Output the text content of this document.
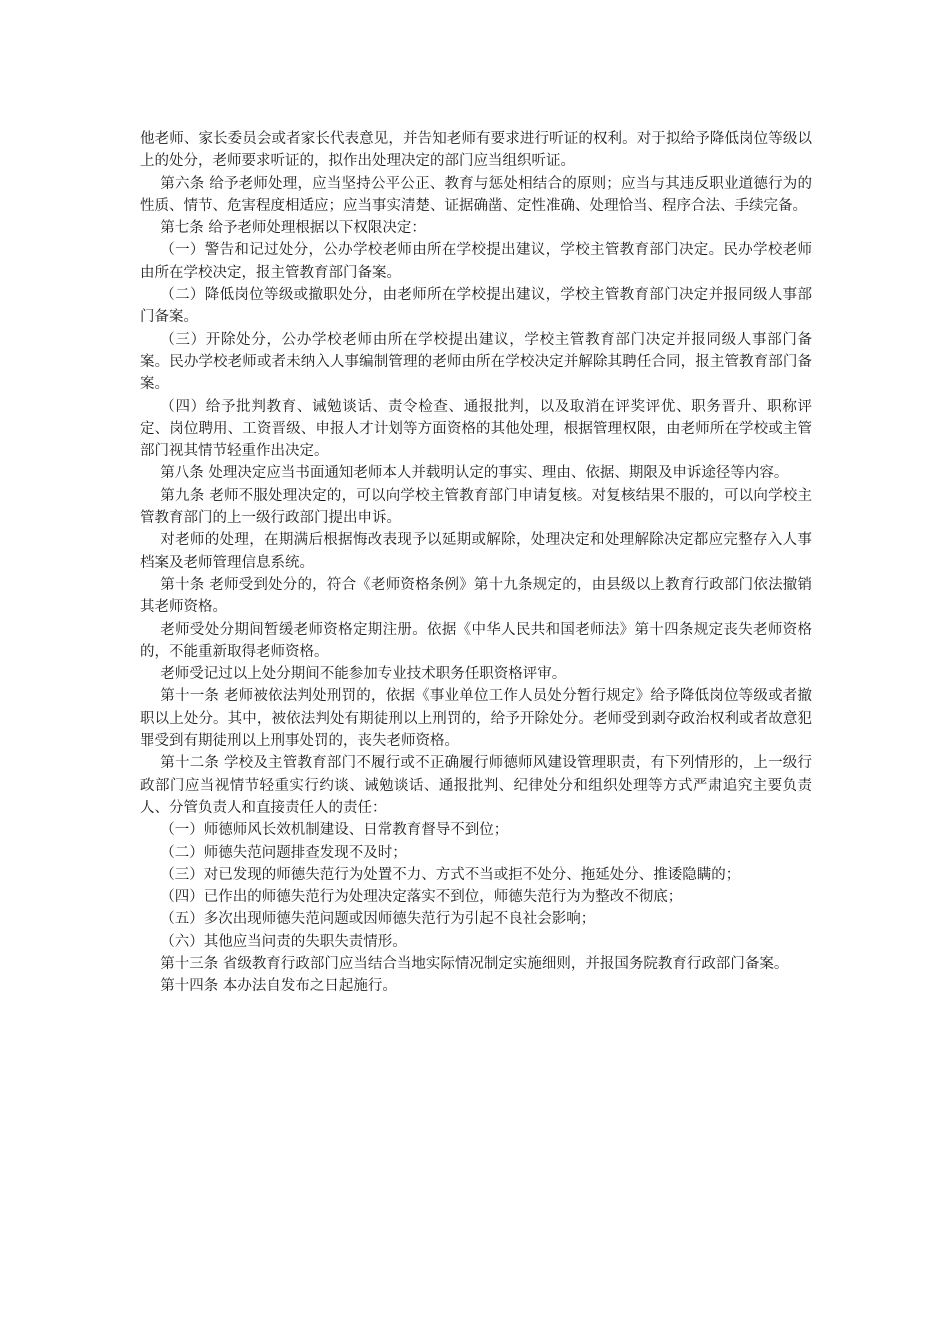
他老师、家长委员会或者家长代表意见，并告知老师有要求进行听证的权利。对于拟给予降低岗位等级以上的处分，老师要求听证的，拟作出处理决定的部门应当组织听证。

第六条 给予老师处理，应当坚持公平公正、教育与惩处相结合的原则；应当与其违反职业道德行为的性质、情节、危害程度相适应；应当事实清楚、证据确凿、定性准确、处理恰当、程序合法、手续完备。

第七条 给予老师处理根据以下权限决定：

（一）警告和记过处分，公办学校老师由所在学校提出建议，学校主管教育部门决定。民办学校老师由所在学校决定，报主管教育部门备案。

（二）降低岗位等级或撤职处分，由老师所在学校提出建议，学校主管教育部门决定并报同级人事部门备案。

（三）开除处分，公办学校老师由所在学校提出建议，学校主管教育部门决定并报同级人事部门备案。民办学校老师或者未纳入人事编制管理的老师由所在学校决定并解除其聘任合同，报主管教育部门备案。

（四）给予批判教育、诫勉谈话、责令检查、通报批判，以及取消在评奖评优、职务晋升、职称评定、岗位聘用、工资晋级、申报人才计划等方面资格的其他处理，根据管理权限，由老师所在学校或主管部门视其情节轻重作出决定。

第八条 处理决定应当书面通知老师本人并载明认定的事实、理由、依据、期限及申诉途径等内容。

第九条 老师不服处理决定的，可以向学校主管教育部门申请复核。对复核结果不服的，可以向学校主管教育部门的上一级行政部门提出申诉。

对老师的处理，在期满后根据悔改表现予以延期或解除，处理决定和处理解除决定都应完整存入人事档案及老师管理信息系统。

第十条 老师受到处分的，符合《老师资格条例》第十九条规定的，由县级以上教育行政部门依法撤销其老师资格。

老师受处分期间暂缓老师资格定期注册。依据《中华人民共和国老师法》第十四条规定丧失老师资格的，不能重新取得老师资格。

老师受记过以上处分期间不能参加专业技术职务任职资格评审。

第十一条 老师被依法判处刑罚的，依据《事业单位工作人员处分暂行规定》给予降低岗位等级或者撤职以上处分。其中，被依法判处有期徒刑以上刑罚的，给予开除处分。老师受到剥夺政治权利或者故意犯罪受到有期徒刑以上刑事处罚的，丧失老师资格。

第十二条 学校及主管教育部门不履行或不正确履行师德师风建设管理职责，有下列情形的，上一级行政部门应当视情节轻重实行约谈、诫勉谈话、通报批判、纪律处分和组织处理等方式严肃追究主要负责人、分管负责人和直接责任人的责任：

（一）师德师风长效机制建设、日常教育督导不到位；

（二）师德失范问题排查发现不及时；

（三）对已发现的师德失范行为处置不力、方式不当或拒不处分、拖延处分、推诿隐瞒的；

（四）已作出的师德失范行为处理决定落实不到位，师德失范行为为整改不彻底；

（五）多次出现师德失范问题或因师德失范行为引起不良社会影响；

（六）其他应当问责的失职失责情形。

第十三条 省级教育行政部门应当结合当地实际情况制定实施细则，并报国务院教育行政部门备案。

第十四条 本办法自发布之日起施行。
